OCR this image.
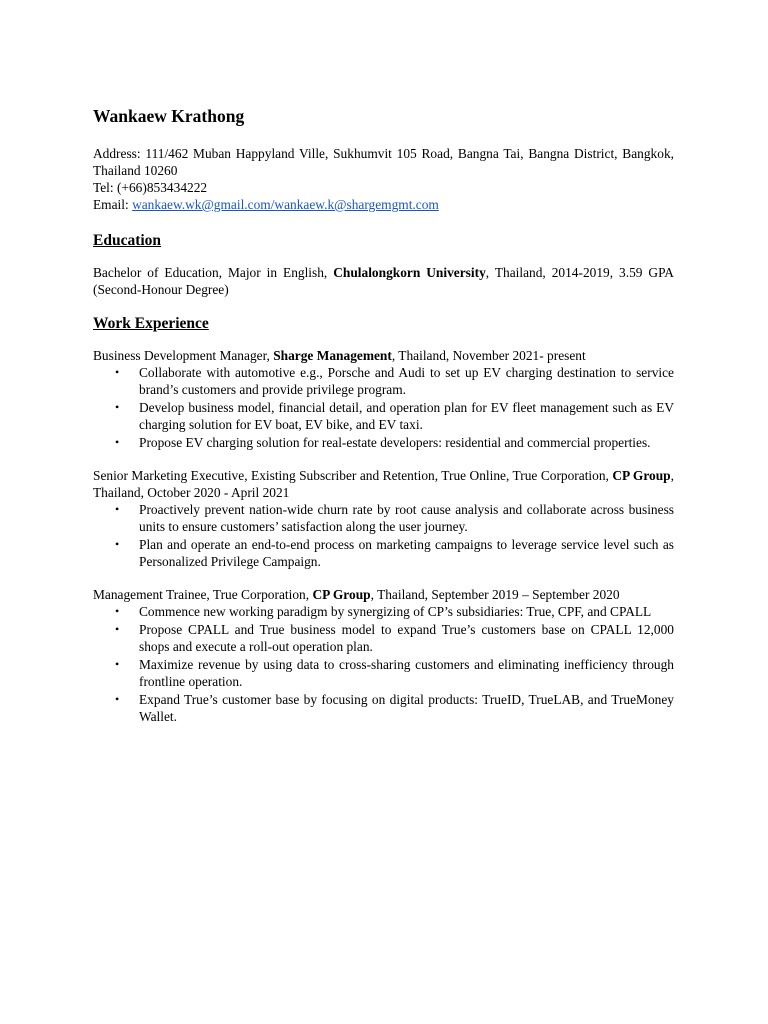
Wankaew Krathong

Address: 111/462 Muban Happyland Ville, Sukhumvit 105 Road, Bangna Tai, Bangna District, Bangkok, Thailand 10260

Tel: (+66)853434222

Email: wankaew.wk@gmail.com/wankaew.k@shargemgmt.com

Education

Bachelor of Education, Major in English, Chulalongkorn University, Thailand, 2014-2019, 3.59 GPA (Second-Honour Degree)

Work Experience

Business Development Manager, Sharge Management, Thailand, November 2021- present

• Collaborate with automotive e.g., Porsche and Audi to set up EV charging destination to service brand’s customers and provide privilege program.
• Develop business model, financial detail, and operation plan for EV fleet management such as EV charging solution for EV boat, EV bike, and EV taxi.
• Propose EV charging solution for real-estate developers: residential and commercial properties.

Senior Marketing Executive, Existing Subscriber and Retention, True Online, True Corporation, CP Group, Thailand, October 2020 - April 2021

• Proactively prevent nation-wide churn rate by root cause analysis and collaborate across business units to ensure customers’ satisfaction along the user journey.
• Plan and operate an end-to-end process on marketing campaigns to leverage service level such as Personalized Privilege Campaign.

Management Trainee, True Corporation, CP Group, Thailand, September 2019 – September 2020

• Commence new working paradigm by synergizing of CP’s subsidiaries: True, CPF, and CPALL
• Propose CPALL and True business model to expand True’s customers base on CPALL 12,000 shops and execute a roll-out operation plan.
• Maximize revenue by using data to cross-sharing customers and eliminating inefficiency through frontline operation.
• Expand True’s customer base by focusing on digital products: TrueID, TrueLAB, and TrueMoney Wallet.
